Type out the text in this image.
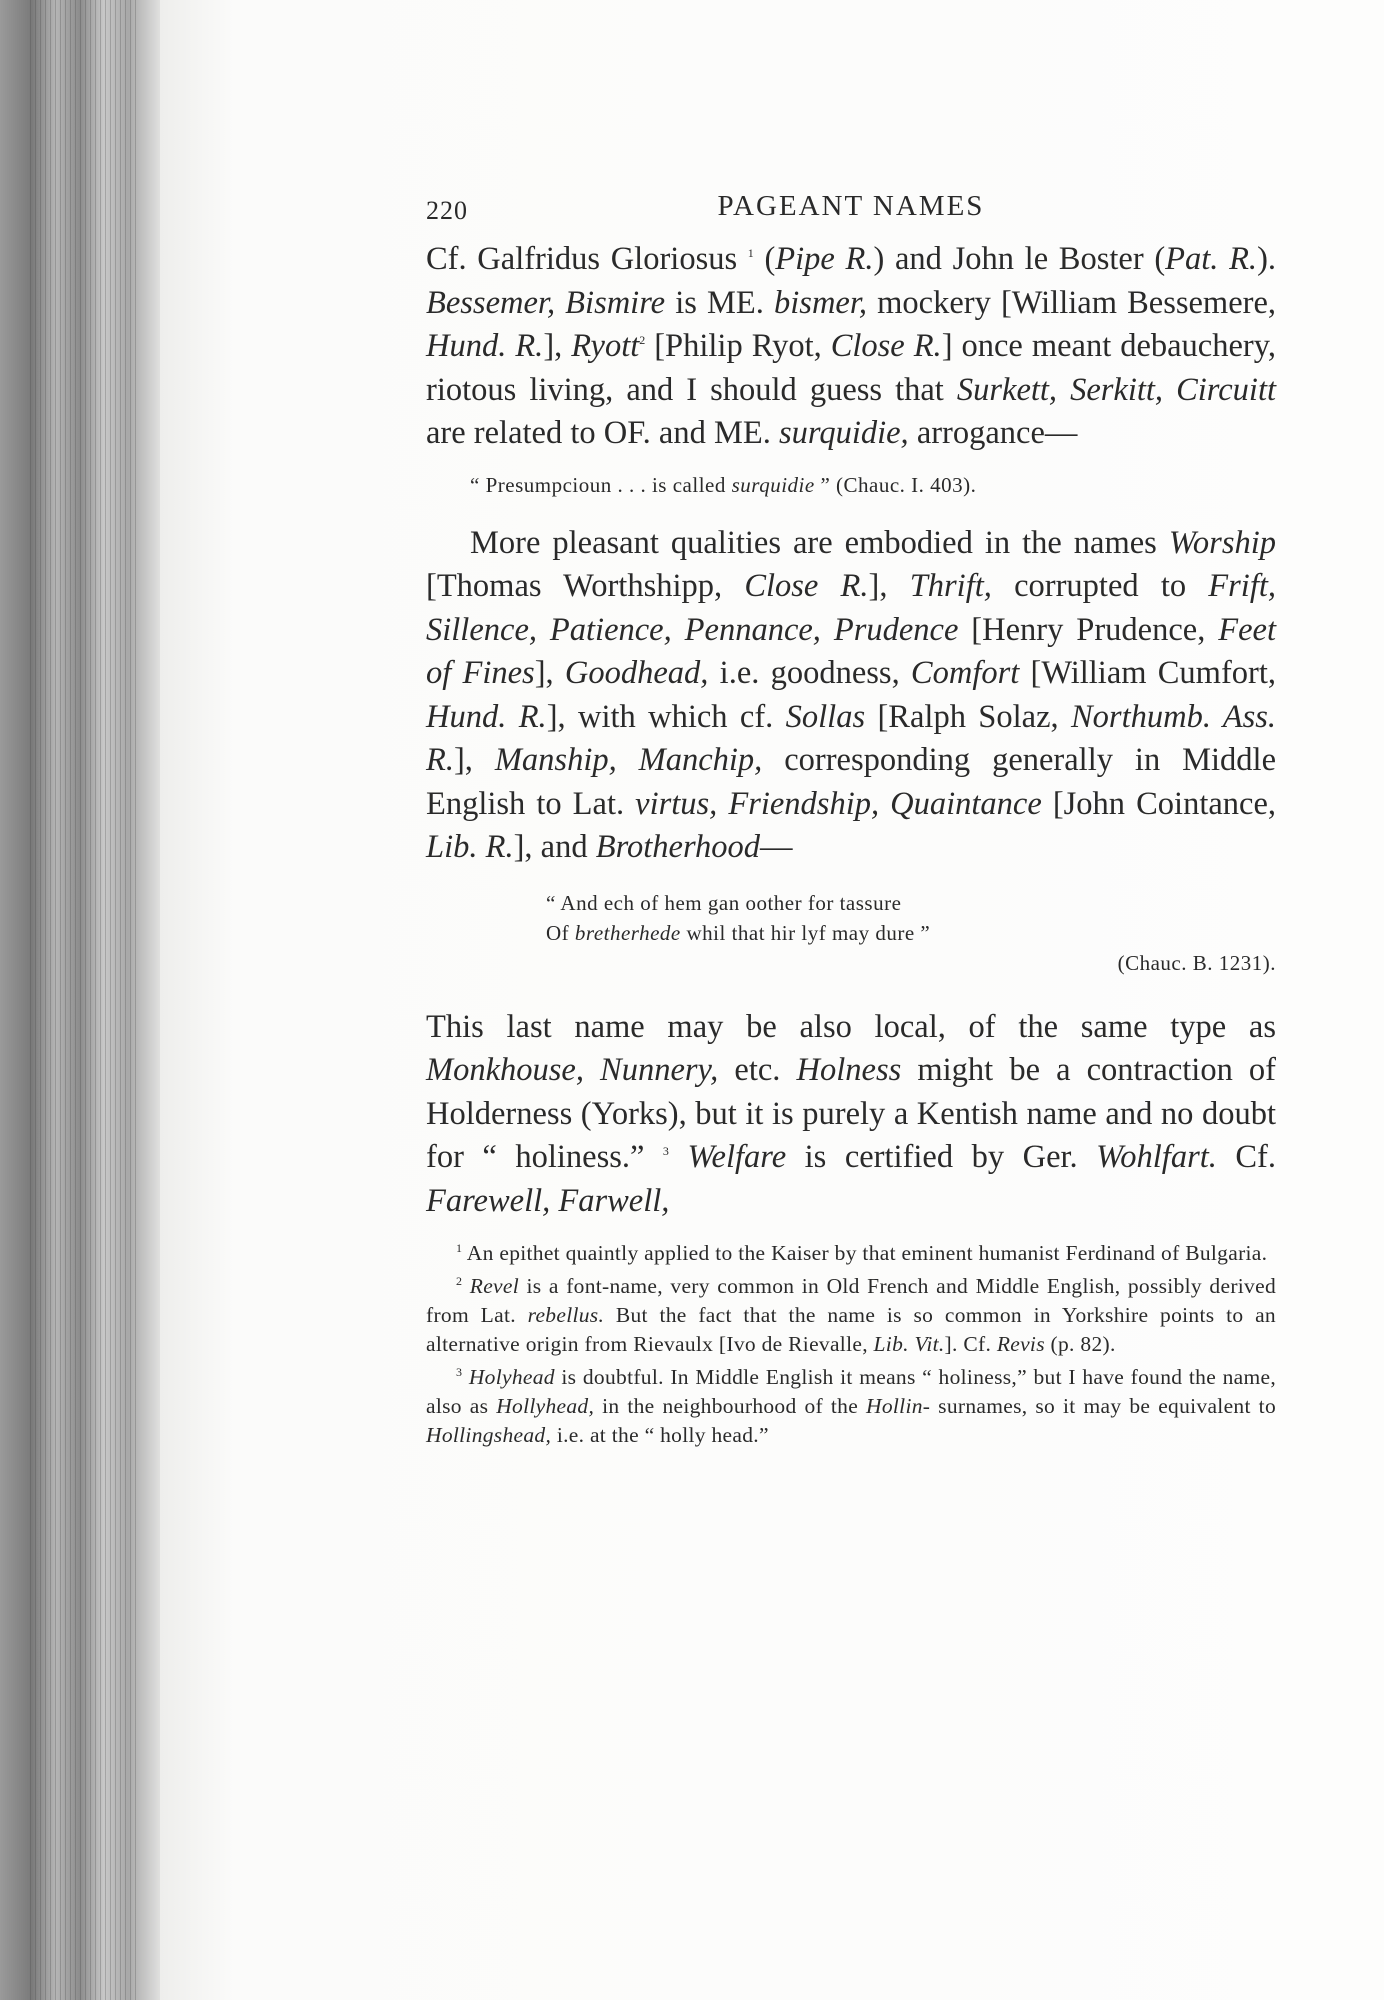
220	PAGEANT NAMES

Cf. Galfridus Gloriosus $^1$ (Pipe R.) and John le Boster (Pat. R.). Bessemer, Bismire is ME. bismer, mockery [William Bessemere, Hund. R.], Ryott$^2$ [Philip Ryot, Close R.] once meant debauchery, riotous living, and I should guess that Surkett, Serkitt, Circuitt are related to OF. and ME. surquidie, arrogance—

“ Presumpcioun . . . is called surquidie ” (Chauc. I. 403).

More pleasant qualities are embodied in the names Worship [Thomas Worthshipp, Close R.], Thrift, corrupted to Frift, Sillence, Patience, Pennance, Prudence [Henry Prudence, Feet of Fines], Goodhead, i.e. goodness, Comfort [William Cumfort, Hund. R.], with which cf. Sollas [Ralph Solaz, Northumb. Ass. R.], Manship, Manchip, corresponding generally in Middle English to Lat. virtus, Friendship, Quaintance [John Cointance, Lib. R.], and Brotherhood—

“ And ech of hem gan oother for tassure
Of bretherhede whil that hir lyf may dure ”
(Chauc. B. 1231).

This last name may be also local, of the same type as Monkhouse, Nunnery, etc. Holness might be a contraction of Holderness (Yorks), but it is purely a Kentish name and no doubt for “ holiness.” $^3$ Welfare is certified by Ger. Wohlfart. Cf. Farewell, Farwell,

$^1$ An epithet quaintly applied to the Kaiser by that eminent humanist Ferdinand of Bulgaria.

$^2$ Revel is a font-name, very common in Old French and Middle English, possibly derived from Lat. rebellus. But the fact that the name is so common in Yorkshire points to an alternative origin from Rievaulx [Ivo de Rievalle, Lib. Vit.]. Cf. Revis (p. 82).

$^3$ Holyhead is doubtful. In Middle English it means “ holiness,” but I have found the name, also as Hollyhead, in the neighbourhood of the Hollin- surnames, so it may be equivalent to Hollingshead, i.e. at the “ holly head.”
